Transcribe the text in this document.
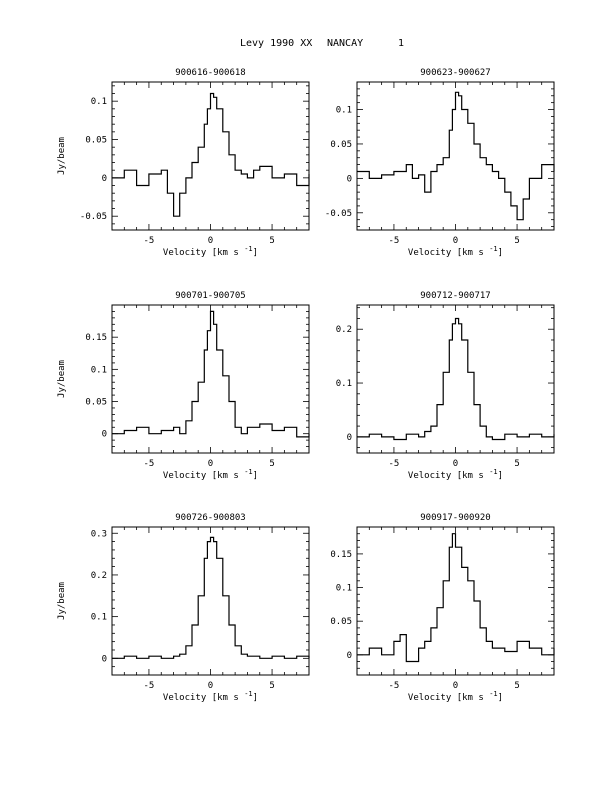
Levy 1990 XX NANCAY	1
900616-900618
-5	0	5
-0.05
0
0.05
0.1
Velocity [km s $^{-1}$]
Jy/beam
900623-900627
-5	0	5
-0.05
0
0.05
0.1
Velocity [km s $^{-1}$]
900701-900705
-5	0	5
0
0.05
0.1
0.15
Velocity [km s $^{-1}$]
Jy/beam
900712-900717
-5	0	5
0
0.1
0.2
Velocity [km s $^{-1}$]
900726-900803
-5	0	5
0
0.1
0.2
0.3
Velocity [km s $^{-1}$]
Jy/beam
900917-900920
-5	0	5
0
0.05
0.1
0.15
Velocity [km s $^{-1}$]
